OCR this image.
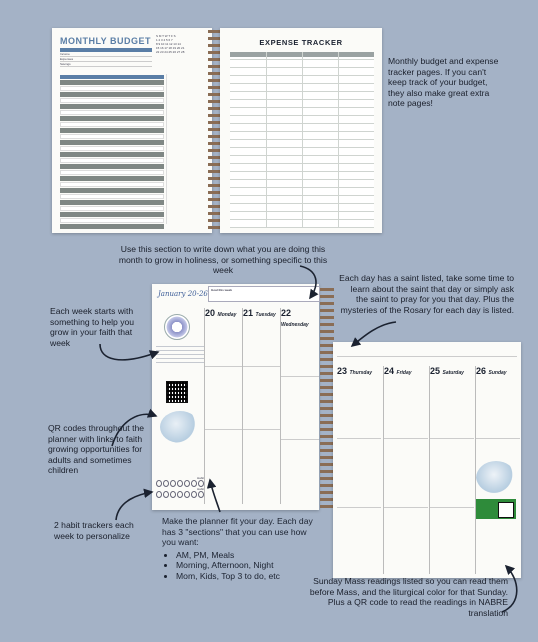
MONTHLY BUDGET S M T W T F S
1 2 3 4 5 6 7
8 9 10 11 12 13 14
15 16 17 18 19 20 21
22 23 24 25 26 27 28
Income
Expenses
Savings
EXPENSE TRACKER
Monthly budget and expense tracker pages. If you can't keep track of your budget, they also make great extra note pages!
Use this section to write down what you are doing this month to grow in holiness, or something specific to this week
Each day has a saint listed, take some time to learn about the saint that day or simply ask the saint to pray for you that day. Plus the mysteries of the Rosary for each day is listed.
January 20-26	Goal this week
Habit
Habit
20 Monday 21 Tuesday 22 Wednesday
23 Thursday	24 Friday	25 Saturday	26 Sunday
Each week starts with something to help you grow in your faith that week
QR codes throughout the planner with links to faith growing opportunities for adults and sometimes children
2 habit trackers each week to personalize
Make the planner fit your day. Each day has 3 "sections" that you can use how you want:
• AM, PM, Meals
• Morning, Afternoon, Night
• Mom, Kids, Top 3 to do, etc
Sunday Mass readings listed so you can read them before Mass, and the liturgical color for that Sunday. Plus a QR code to read the readings in NABRE translation
